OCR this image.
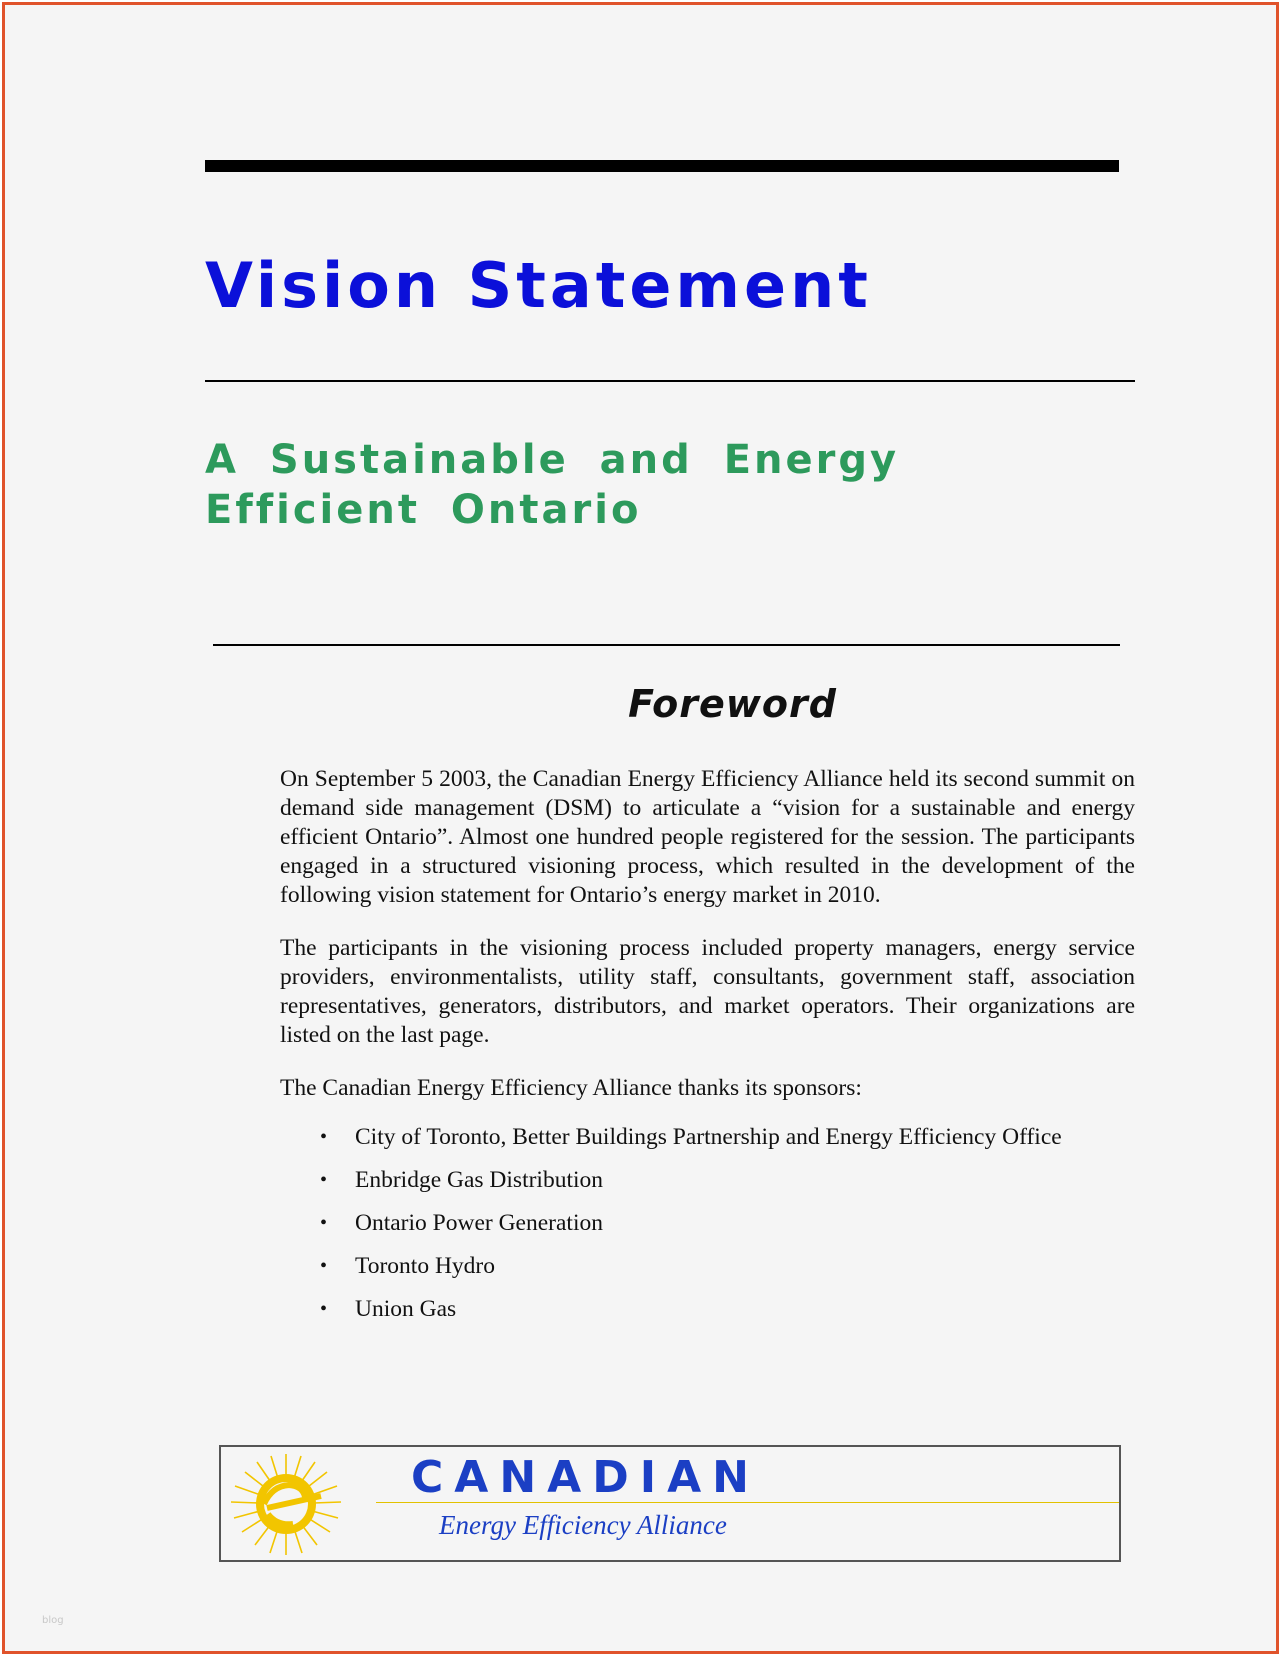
Vision Statement
A Sustainable and Energy Efficient Ontario
Foreword

On September 5 2003, the Canadian Energy Efficiency Alliance held its second summit on demand side management (DSM) to articulate a “vision for a sustainable and energy efficient Ontario”. Almost one hundred people registered for the session. The participants engaged in a structured visioning process, which resulted in the development of the following vision statement for Ontario’s energy market in 2010.

The participants in the visioning process included property managers, energy service providers, environmentalists, utility staff, consultants, government staff, association representatives, generators, distributors, and market operators. Their organizations are listed on the last page.

The Canadian Energy Efficiency Alliance thanks its sponsors:

• City of Toronto, Better Buildings Partnership and Energy Efficiency Office
• Enbridge Gas Distribution
• Ontario Power Generation
• Toronto Hydro
• Union Gas
CANADIAN
Energy Efficiency Alliance
blog
